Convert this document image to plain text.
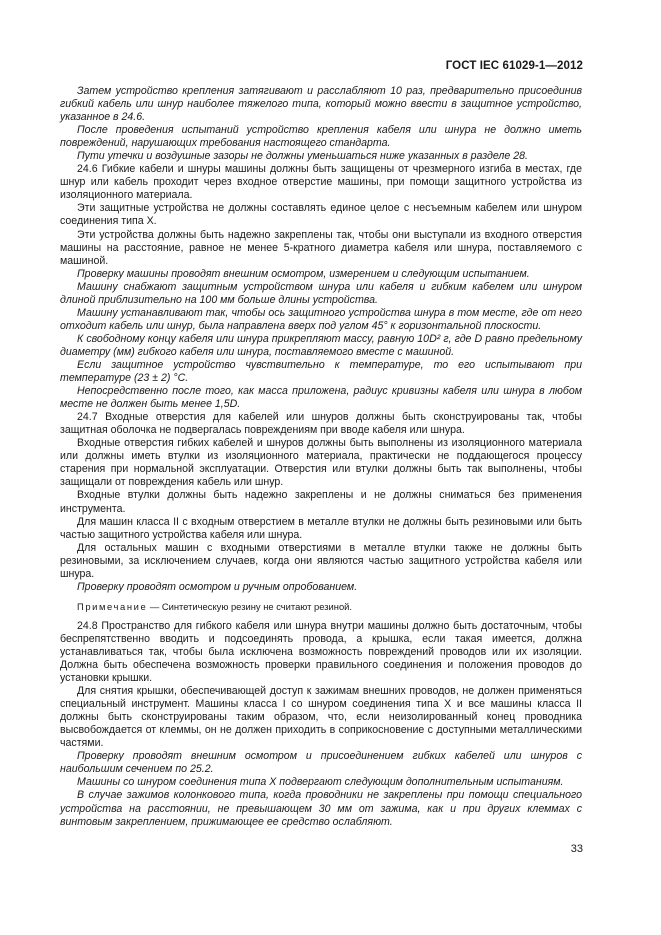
ГОСТ IEC 61029-1—2012

Затем устройство крепления затягивают и расслабляют 10 раз, предварительно присоединив гибкий кабель или шнур наиболее тяжелого типа, который можно ввести в защитное устройство, указанное в 24.6.

После проведения испытаний устройство крепления кабеля или шнура не должно иметь повреждений, нарушающих требования настоящего стандарта.

Пути утечки и воздушные зазоры не должны уменьшаться ниже указанных в разделе 28.

24.6 Гибкие кабели и шнуры машины должны быть защищены от чрезмерного изгиба в местах, где шнур или кабель проходит через входное отверстие машины, при помощи защитного устройства из изоляционного материала.

Эти защитные устройства не должны составлять единое целое с несъемным кабелем или шнуром соединения типа X.

Эти устройства должны быть надежно закреплены так, чтобы они выступали из входного отверстия машины на расстояние, равное не менее 5-кратного диаметра кабеля или шнура, поставляемого с машиной.

Проверку машины проводят внешним осмотром, измерением и следующим испытанием.

Машину снабжают защитным устройством шнура или кабеля и гибким кабелем или шнуром длиной приблизительно на 100 мм больше длины устройства.

Машину устанавливают так, чтобы ось защитного устройства шнура в том месте, где от него отходит кабель или шнур, была направлена вверх под углом 45° к горизонтальной плоскости.

К свободному концу кабеля или шнура прикрепляют массу, равную 10D² г, где D равно предельному диаметру (мм) гибкого кабеля или шнура, поставляемого вместе с машиной.

Если защитное устройство чувствительно к температуре, то его испытывают при температуре (23 ± 2) °С.

Непосредственно после того, как масса приложена, радиус кривизны кабеля или шнура в любом месте не должен быть менее 1,5D.

24.7 Входные отверстия для кабелей или шнуров должны быть сконструированы так, чтобы защитная оболочка не подвергалась повреждениям при вводе кабеля или шнура.

Входные отверстия гибких кабелей и шнуров должны быть выполнены из изоляционного материала или должны иметь втулки из изоляционного материала, практически не поддающегося процессу старения при нормальной эксплуатации. Отверстия или втулки должны быть так выполнены, чтобы защищали от повреждения кабель или шнур.

Входные втулки должны быть надежно закреплены и не должны сниматься без применения инструмента.

Для машин класса II с входным отверстием в металле втулки не должны быть резиновыми или быть частью защитного устройства кабеля или шнура.

Для остальных машин с входными отверстиями в металле втулки также не должны быть резиновыми, за исключением случаев, когда они являются частью защитного устройства кабеля или шнура.

Проверку проводят осмотром и ручным опробованием.

Примечание — Синтетическую резину не считают резиной.

24.8 Пространство для гибкого кабеля или шнура внутри машины должно быть достаточным, чтобы беспрепятственно вводить и подсоединять провода, а крышка, если такая имеется, должна устанавливаться так, чтобы была исключена возможность повреждений проводов или их изоляции. Должна быть обеспечена возможность проверки правильного соединения и положения проводов до установки крышки.

Для снятия крышки, обеспечивающей доступ к зажимам внешних проводов, не должен применяться специальный инструмент. Машины класса I со шнуром соединения типа X и все машины класса II должны быть сконструированы таким образом, что, если неизолированный конец проводника высвобождается от клеммы, он не должен приходить в соприкосновение с доступными металлическими частями.

Проверку проводят внешним осмотром и присоединением гибких кабелей или шнуров с наибольшим сечением по 25.2.

Машины со шнуром соединения типа X подвергают следующим дополнительным испытаниям.

В случае зажимов колонкового типа, когда проводники не закреплены при помощи специального устройства на расстоянии, не превышающем 30 мм от зажима, как и при других клеммах с винтовым закреплением, прижимающее ее средство ослабляют.

33
